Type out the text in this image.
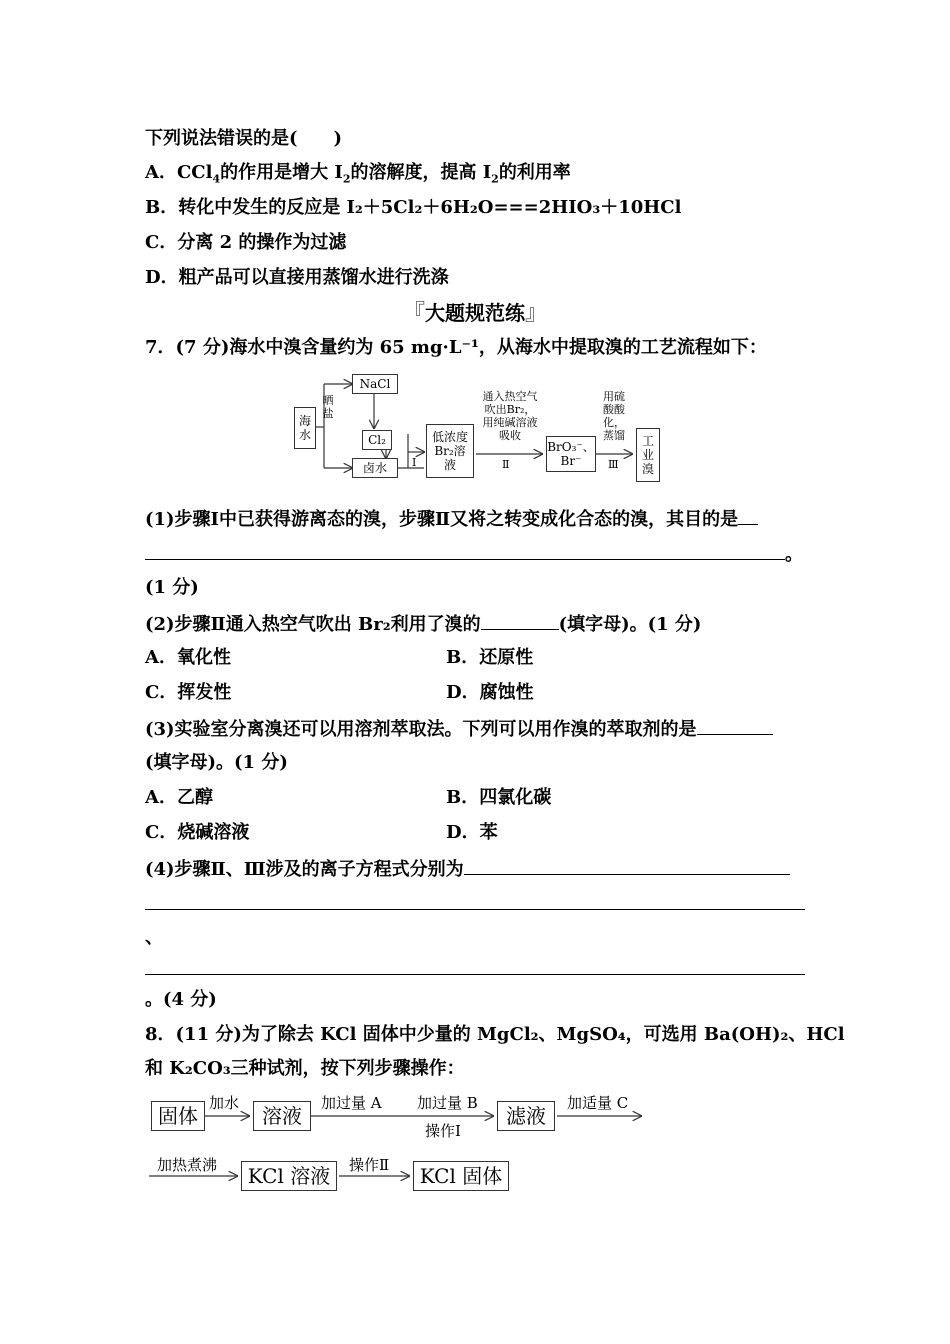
下列说法错误的是(　　)
A．CCl$_4$的作用是增大 $I_2$的溶解度，提高 $I_2$的利用率
B．转化中发生的反应是 I₂＋5Cl₂＋6H₂O===2HIO₃＋10HCl
C．分离 2 的操作为过滤
D．粗产品可以直接用蒸馏水进行洗涤
『大题规范练』
7．(7 分)海水中溴含量约为 65 mg·L⁻¹，从海水中提取溴的工艺流程如下：
海水
晒盐
NaCl
Cl₂
卤水	Ⅰ
低浓度Br₂溶液
通入热空气吹出Br₂，用纯碱溶液吸收
Ⅱ
BrO₃⁻、Br⁻
用硫酸酸化，蒸馏
Ⅲ
工业溴
(1)步骤Ⅰ中已获得游离态的溴，步骤Ⅱ又将之转变成化合态的溴，其目的是
。
(1 分)
(2)步骤Ⅱ通入热空气吹出 Br₂利用了溴的	(填字母)。(1 分)
A．氧化性	B．还原性
C．挥发性	D．腐蚀性
(3)实验室分离溴还可以用溶剂萃取法。下列可以用作溴的萃取剂的是
(填字母)。(1 分)
A．乙醇	B．四氯化碳
C．烧碱溶液	D．苯
(4)步骤Ⅱ、Ⅲ涉及的离子方程式分别为
、
。(4 分)
8．(11 分)为了除去 KCl 固体中少量的 MgCl₂、MgSO₄，可选用 Ba(OH)₂、HCl
和 K₂CO₃三种试剂，按下列步骤操作：
固体
加水
溶液
加过量 A 加过量 B
操作Ⅰ
滤液
加适量 C
加热煮沸	KCl 溶液	操作Ⅱ	KCl 固体
